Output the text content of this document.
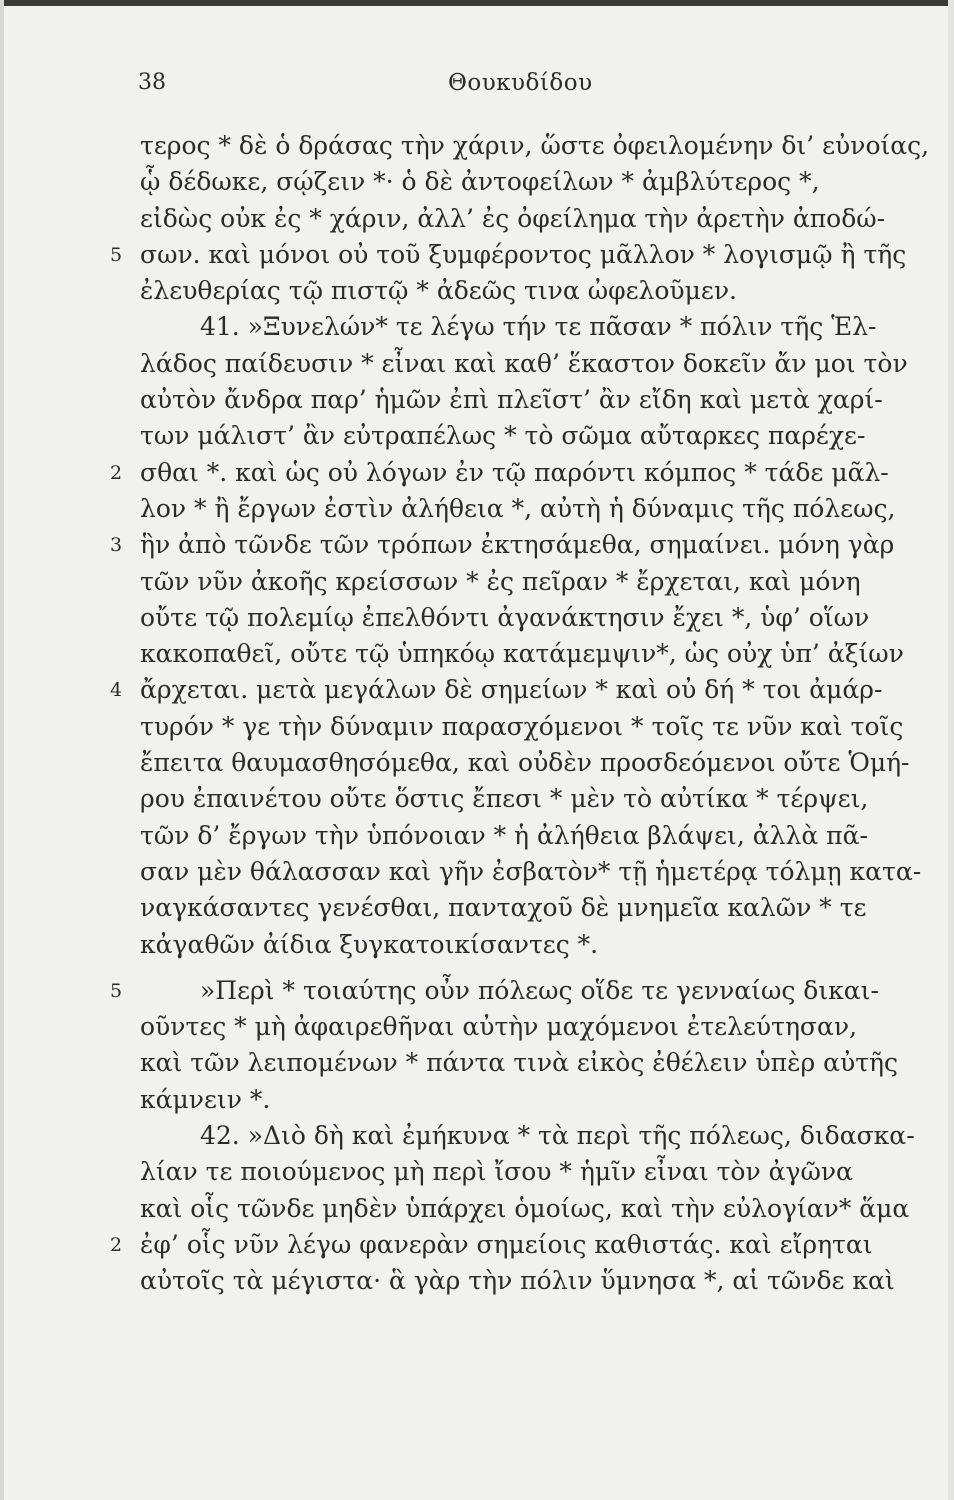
38	Θουκυδίδου
τερος * δὲ ὁ δράσας τὴν χάριν, ὥστε ὀφειλομένην δι’ εὐνοίας,
ᾧ δέδωκε, σῴζειν *· ὁ δὲ ἀντοφείλων * ἀμβλύτερος *,
εἰδὼς οὐκ ἐς * χάριν, ἀλλ’ ἐς ὀφείλημα τὴν ἀρετὴν ἀποδώ-
5 σων. καὶ μόνοι οὐ τοῦ ξυμφέροντος μᾶλλον * λογισμῷ ἢ τῆς
ἐλευθερίας τῷ πιστῷ * ἀδεῶς τινα ὠφελοῦμεν.
41. »Ξυνελών* τε λέγω τήν τε πᾶσαν * πόλιν τῆς Ἑλ-
λάδος παίδευσιν * εἶναι καὶ καθ’ ἕκαστον δοκεῖν ἄν μοι τὸν
αὐτὸν ἄνδρα παρ’ ἡμῶν ἐπὶ πλεῖστ’ ἂν εἴδη καὶ μετὰ χαρί-
των μάλιστ’ ἂν εὐτραπέλως * τὸ σῶμα αὔταρκες παρέχε-
2 σθαι *. καὶ ὡς οὐ λόγων ἐν τῷ παρόντι κόμπος * τάδε μᾶλ-
λον * ἢ ἔργων ἐστὶν ἀλήθεια *, αὐτὴ ἡ δύναμις τῆς πόλεως,
3 ἣν ἀπὸ τῶνδε τῶν τρόπων ἐκτησάμεθα, σημαίνει. μόνη γὰρ
τῶν νῦν ἀκοῆς κρείσσων * ἐς πεῖραν * ἔρχεται, καὶ μόνη
οὔτε τῷ πολεμίῳ ἐπελθόντι ἀγανάκτησιν ἔχει *, ὑφ’ οἵων
κακοπαθεῖ, οὔτε τῷ ὑπηκόῳ κατάμεμψιν*, ὡς οὐχ ὑπ’ ἀξίων
4 ἄρχεται. μετὰ μεγάλων δὲ σημείων * καὶ οὐ δή * τοι ἀμάρ-
τυρόν * γε τὴν δύναμιν παρασχόμενοι * τοῖς τε νῦν καὶ τοῖς
ἔπειτα θαυμασθησόμεθα, καὶ οὐδὲν προσδεόμενοι οὔτε Ὁμή-
ρου ἐπαινέτου οὔτε ὅστις ἔπεσι * μὲν τὸ αὐτίκα * τέρψει,
τῶν δ’ ἔργων τὴν ὑπόνοιαν * ἡ ἀλήθεια βλάψει, ἀλλὰ πᾶ-
σαν μὲν θάλασσαν καὶ γῆν ἐσβατὸν* τῇ ἡμετέρᾳ τόλμῃ κατα-
ναγκάσαντες γενέσθαι, πανταχοῦ δὲ μνημεῖα καλῶν * τε
κἀγαθῶν ἀίδια ξυγκατοικίσαντες *.
5	»Περὶ * τοιαύτης οὖν πόλεως οἵδε τε γενναίως δικαι-
οῦντες * μὴ ἀφαιρεθῆναι αὐτὴν μαχόμενοι ἐτελεύτησαν,
καὶ τῶν λειπομένων * πάντα τινὰ εἰκὸς ἐθέλειν ὑπὲρ αὐτῆς
κάμνειν *.
42. »Διὸ δὴ καὶ ἐμήκυνα * τὰ περὶ τῆς πόλεως, διδασκα-
λίαν τε ποιούμενος μὴ περὶ ἴσου * ἡμῖν εἶναι τὸν ἀγῶνα
καὶ οἷς τῶνδε μηδὲν ὑπάρχει ὁμοίως, καὶ τὴν εὐλογίαν* ἅμα
2 ἐφ’ οἷς νῦν λέγω φανερὰν σημείοις καθιστάς. καὶ εἴρηται
αὐτοῖς τὰ μέγιστα· ἃ γὰρ τὴν πόλιν ὕμνησα *, αἱ τῶνδε καὶ
